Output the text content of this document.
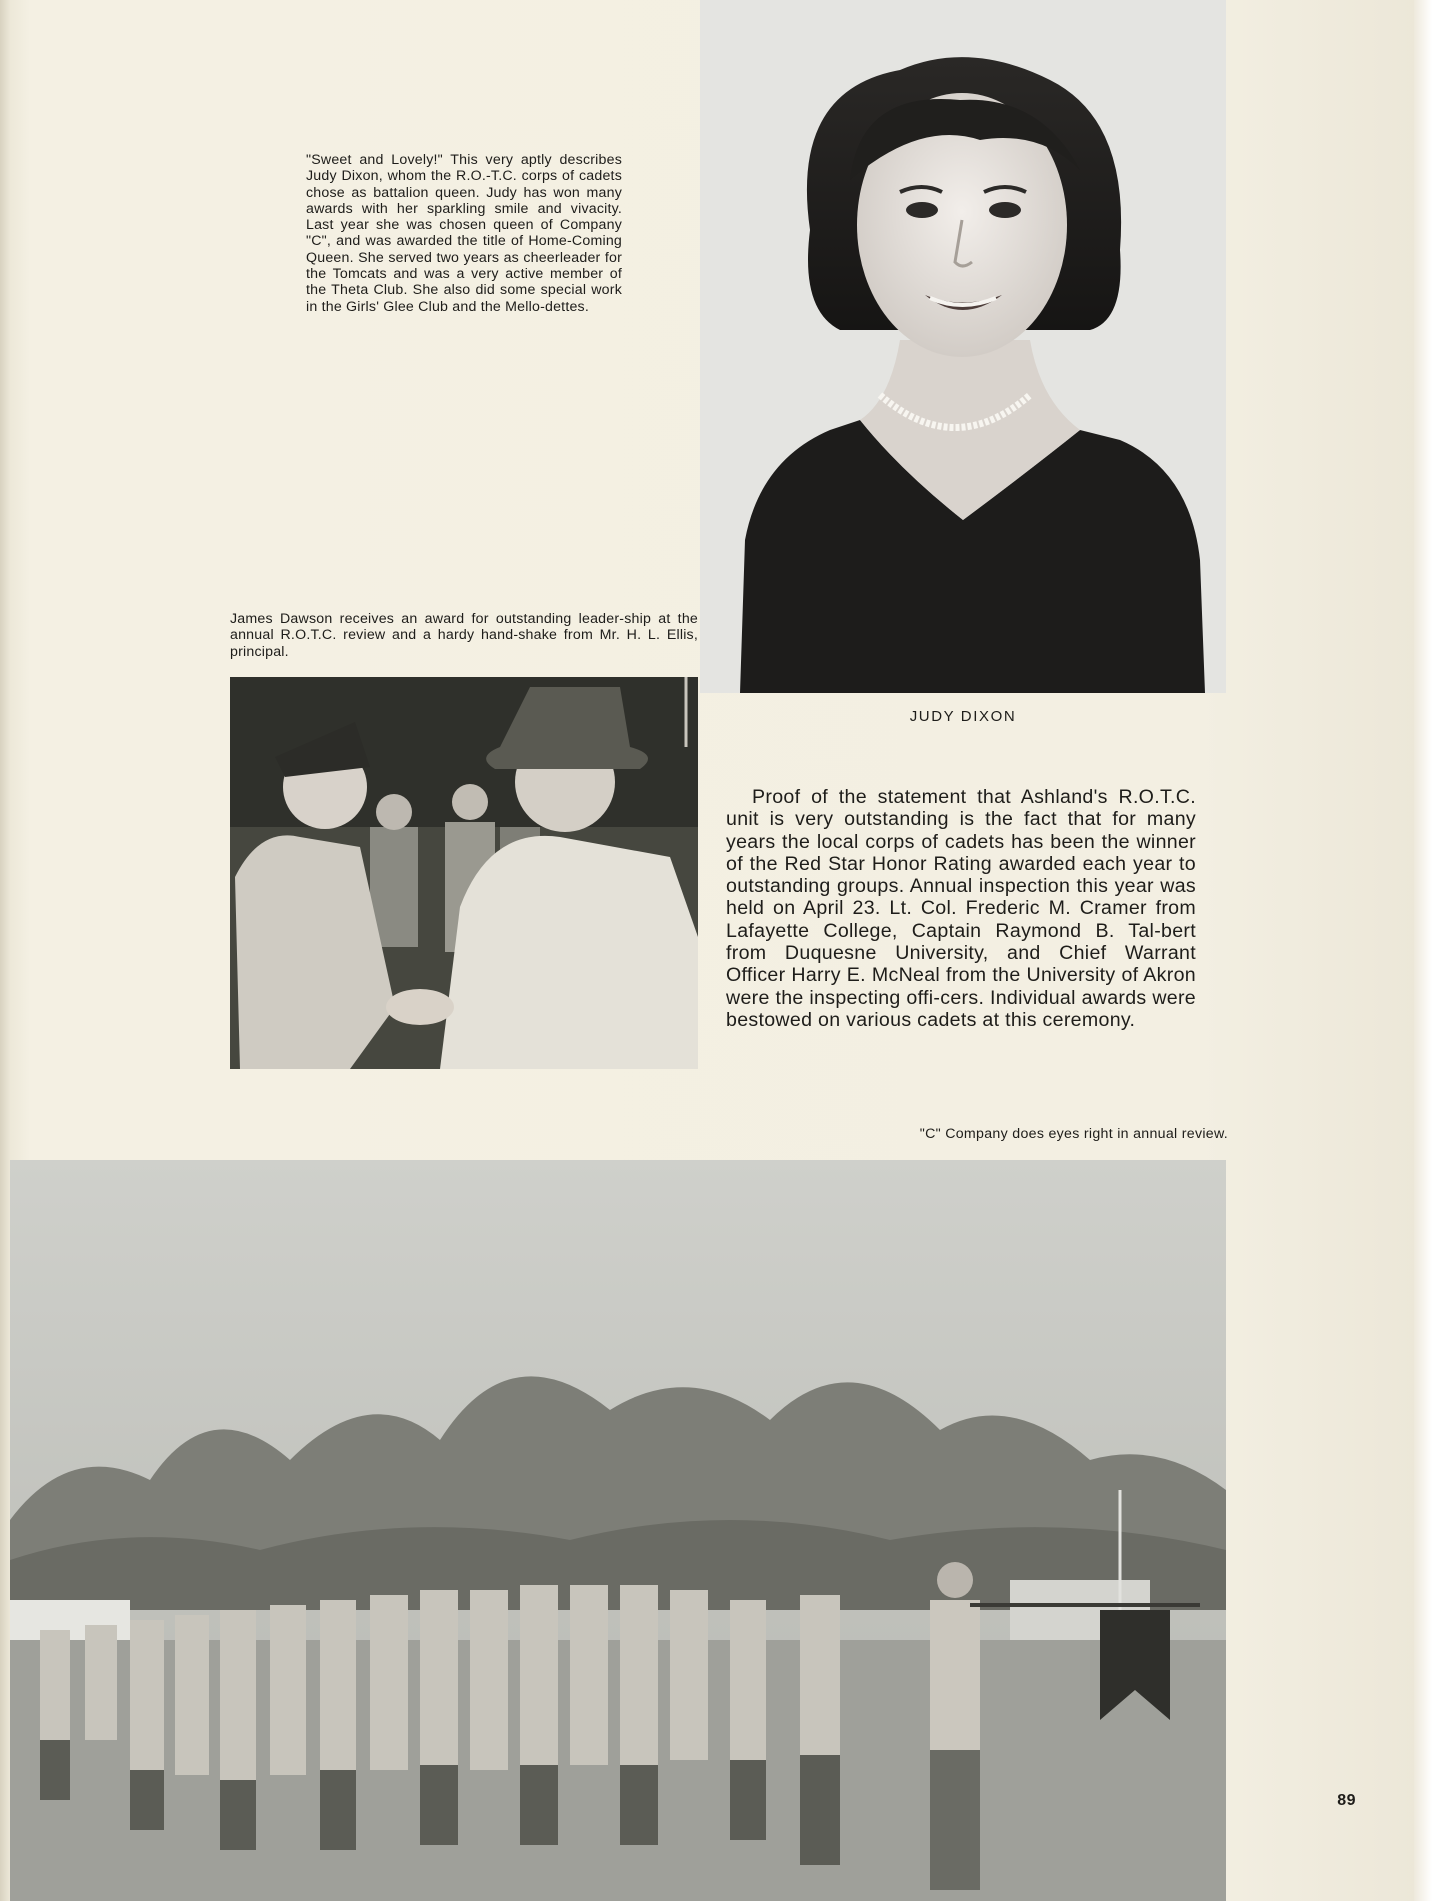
"Sweet and Lovely!" This very aptly describes Judy Dixon, whom the R.O.-T.C. corps of cadets chose as battalion queen. Judy has won many awards with her sparkling smile and vivacity. Last year she was chosen queen of Company "C", and was awarded the title of Home-Coming Queen. She served two years as cheerleader for the Tomcats and was a very active member of the Theta Club. She also did some special work in the Girls' Glee Club and the Mello-dettes.

JUDY DIXON

James Dawson receives an award for outstanding leader-ship at the annual R.O.T.C. review and a hardy hand-shake from Mr. H. L. Ellis, principal.

Proof of the statement that Ashland's R.O.T.C. unit is very outstanding is the fact that for many years the local corps of cadets has been the winner of the Red Star Honor Rating awarded each year to outstanding groups. Annual inspection this year was held on April 23. Lt. Col. Frederic M. Cramer from Lafayette College, Captain Raymond B. Tal-bert from Duquesne University, and Chief Warrant Officer Harry E. McNeal from the University of Akron were the inspecting offi-cers. Individual awards were bestowed on various cadets at this ceremony.

"C" Company does eyes right in annual review.
89
